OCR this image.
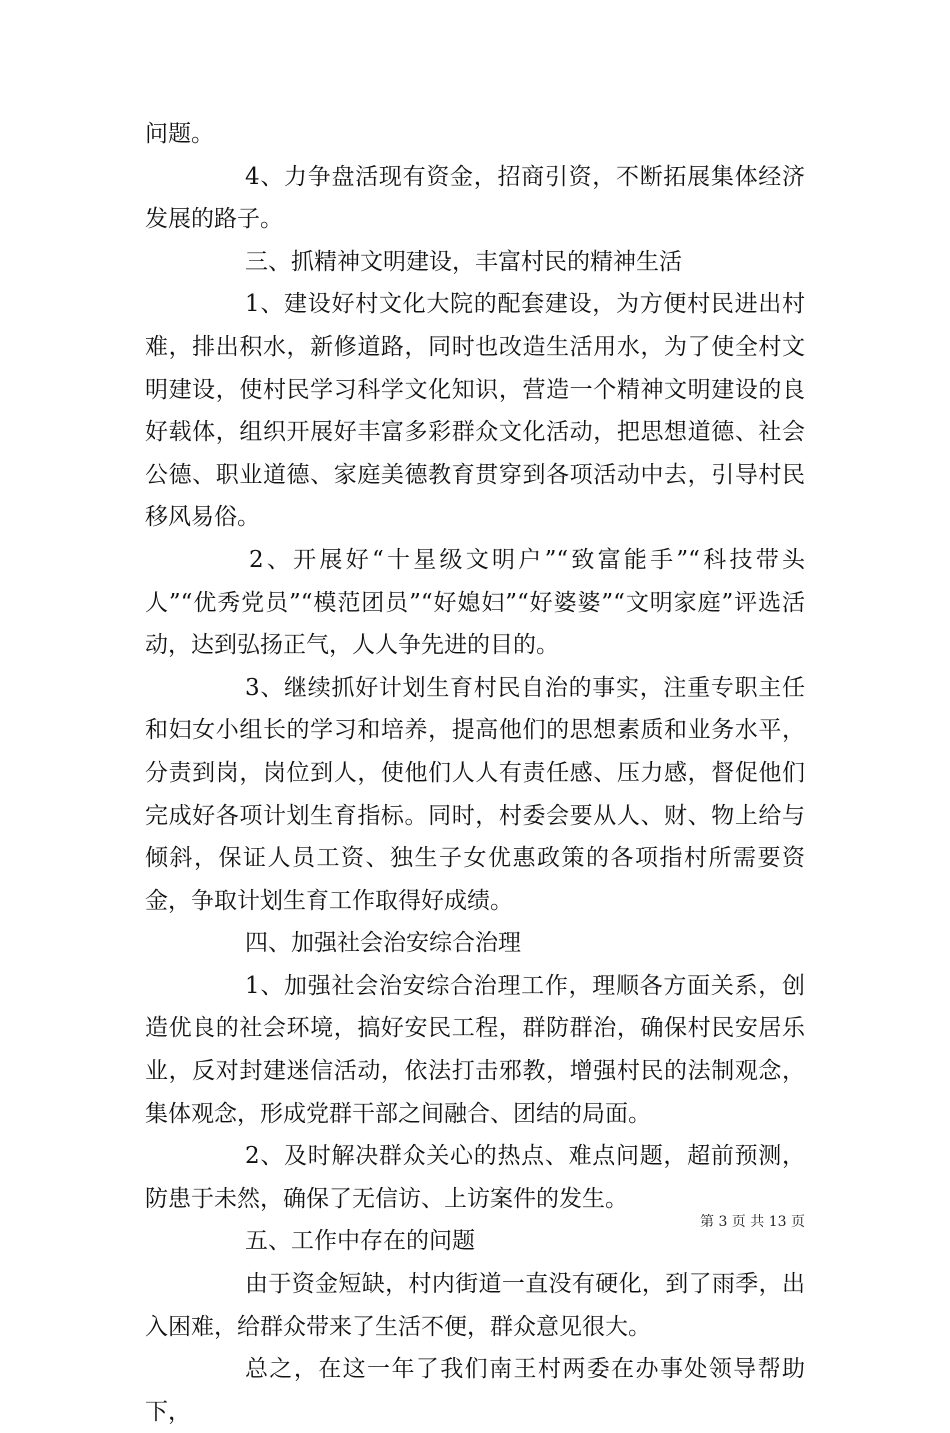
问题。

4、力争盘活现有资金，招商引资，不断拓展集体经济发展的路子。

三、抓精神文明建设，丰富村民的精神生活

1、建设好村文化大院的配套建设，为方便村民进出村难，排出积水，新修道路，同时也改造生活用水，为了使全村文明建设，使村民学习科学文化知识，营造一个精神文明建设的良好载体，组织开展好丰富多彩群众文化活动，把思想道德、社会公德、职业道德、家庭美德教育贯穿到各项活动中去，引导村民移风易俗。

2、开展好“十星级文明户”“致富能手”“科技带头人”“优秀党员”“模范团员”“好媳妇”“好婆婆”“文明家庭”评选活动，达到弘扬正气，人人争先进的目的。

3、继续抓好计划生育村民自治的事实，注重专职主任和妇女小组长的学习和培养，提高他们的思想素质和业务水平，分责到岗，岗位到人，使他们人人有责任感、压力感，督促他们完成好各项计划生育指标。同时，村委会要从人、财、物上给与倾斜，保证人员工资、独生子女优惠政策的各项指村所需要资金，争取计划生育工作取得好成绩。

四、加强社会治安综合治理

1、加强社会治安综合治理工作，理顺各方面关系，创造优良的社会环境，搞好安民工程，群防群治，确保村民安居乐业，反对封建迷信活动，依法打击邪教，增强村民的法制观念，集体观念，形成党群干部之间融合、团结的局面。

2、及时解决群众关心的热点、难点问题，超前预测，防患于未然，确保了无信访、上访案件的发生。

五、工作中存在的问题

由于资金短缺，村内街道一直没有硬化，到了雨季，出入困难，给群众带来了生活不便，群众意见很大。

总之，在这一年了我们南王村两委在办事处领导帮助下，

第 3 页 共 13 页
